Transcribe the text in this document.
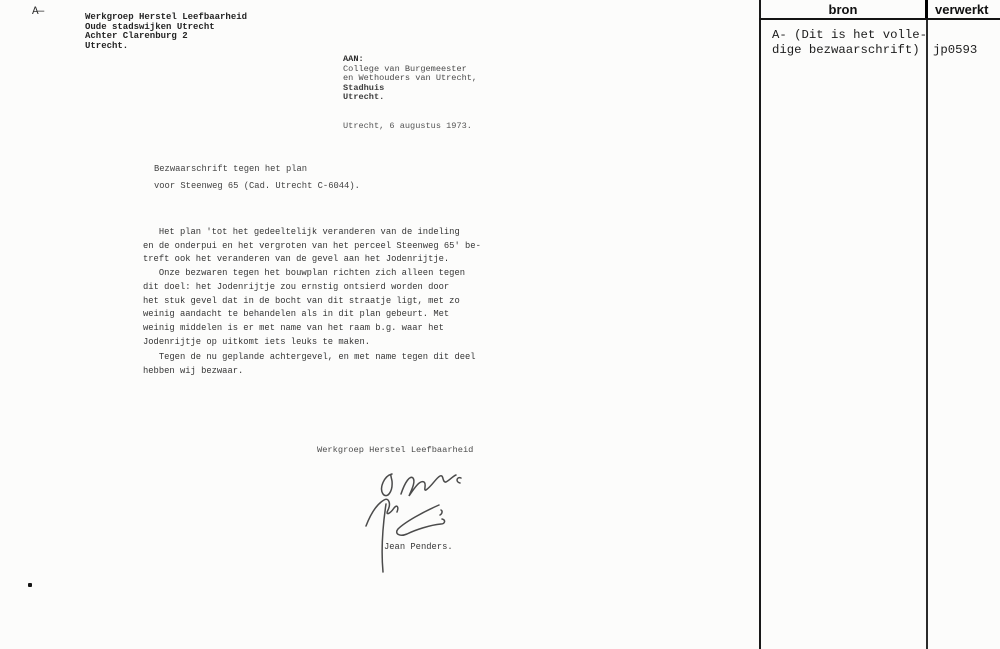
A—	Werkgroep Herstel Leefbaarheid
Oude stadswijken Utrecht
Achter Clarenburg 2
Utrecht.
AAN:
College van Burgemeester
en Wethouders van Utrecht,
Stadhuis
Utrecht.
Utrecht, 6 augustus 1973.
Bezwaarschrift tegen het plan
voor Steenweg 65 (Cad. Utrecht C-6044).
Het plan 'tot het gedeeltelijk veranderen van de indeling
en de onderpui en het vergroten van het perceel Steenweg 65' be-
treft ook het veranderen van de gevel aan het Jodenrijtje.
Onze bezwaren tegen het bouwplan richten zich alleen tegen
dit doel: het Jodenrijtje zou ernstig ontsierd worden door
het stuk gevel dat in de bocht van dit straatje ligt, met zo
weinig aandacht te behandelen als in dit plan gebeurt. Met
weinig middelen is er met name van het raam b.g. waar het
Jodenrijtje op uitkomt iets leuks te maken.
Tegen de nu geplande achtergevel, en met name tegen dit deel
hebben wij bezwaar.
Werkgroep Herstel Leefbaarheid
Jean Penders.
bron	verwerkt
A- (Dit is het volle-
dige bezwaarschrift)	jp0593
